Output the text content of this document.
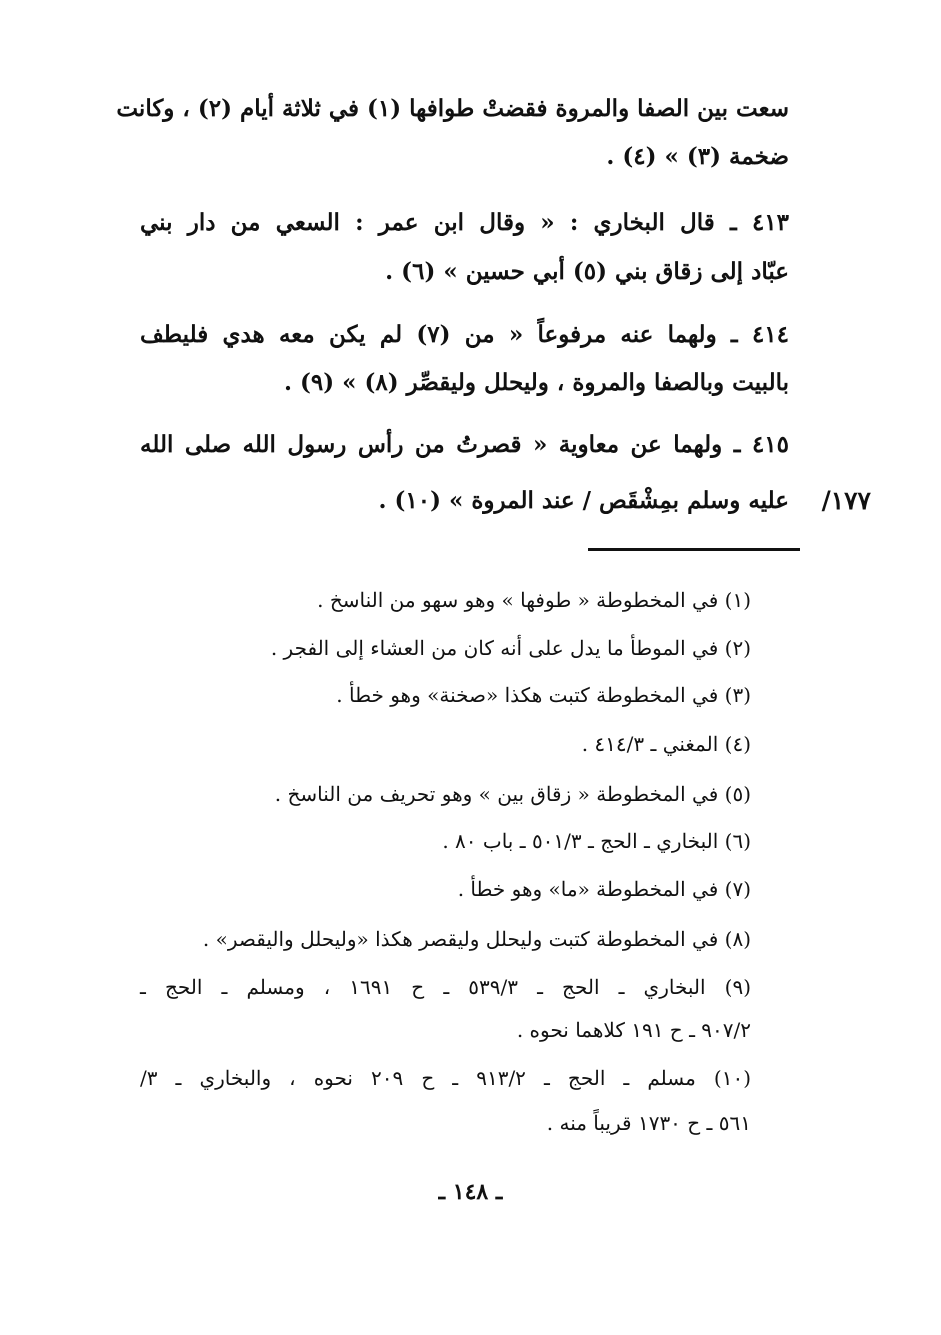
سعت بين الصفا والمروة فقضتْ طوافها (١) في ثلاثة أيام (٢) ، وكانت

ضخمة (٣) » (٤) .

٤١٣ ـ قال البخاري : « وقال ابن عمر : السعي من دار بني

عبّاد إلى زقاق بني (٥) أبي حسين » (٦) .

٤١٤ ـ ولهما عنه مرفوعاً « من (٧) لم يكن معه هدي فليطف

بالبيت وبالصفا والمروة ، وليحلل وليقصِّر (٨) » (٩) .

٤١٥ ـ ولهما عن معاوية « قصرتُ من رأس رسول الله صلى الله

عليه وسلم بمِشْقَص / عند المروة » (١٠) . ١٧٧/

(١) في المخطوطة « طوفها » وهو سهو من الناسخ .

(٢) في الموطأ ما يدل على أنه كان من العشاء إلى الفجر .

(٣) في المخطوطة كتبت هكذا «صخنة» وهو خطأ .

(٤) المغني ـ ٤١٤/٣ .

(٥) في المخطوطة « زقاق بين » وهو تحريف من الناسخ .

(٦) البخاري ـ الحج ـ ٥٠١/٣ ـ باب ٨٠ .

(٧) في المخطوطة «ما» وهو خطأ .

(٨) في المخطوطة كتبت وليحلل وليقصر هكذا «وليحلل واليقصر» .

(٩) البخاري ـ الحج ـ ٥٣٩/٣ ـ ح ١٦٩١ ، ومسلم ـ الحج ـ

٩٠٧/٢ ـ ح ١٩١ كلاهما نحوه .

(١٠) مسلم ـ الحج ـ ٩١٣/٢ ـ ح ٢٠٩ نحوه ، والبخاري ـ ٣/

٥٦١ ـ ح ١٧٣٠ قريباً منه .

ـ ١٤٨ ـ
